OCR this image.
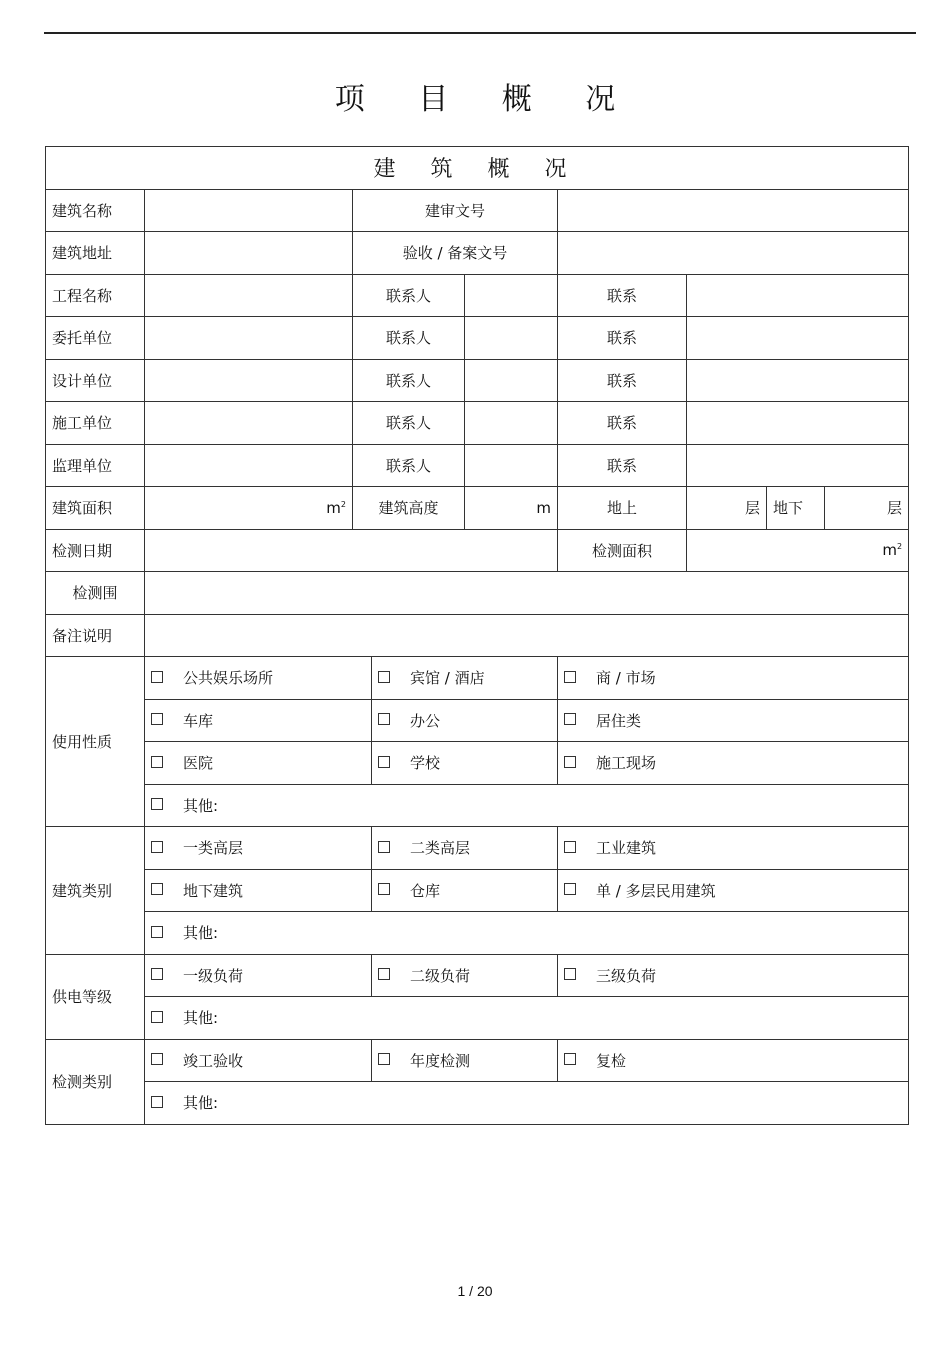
项 目 概 况
建 筑 概 况								
建筑名称		建审文号						
建筑地址		验收 / 备案文号						
工程名称		联系人			联系			
委托单位		联系人			联系			
设计单位		联系人			联系			
施工单位		联系人			联系			
监理单位		联系人			联系			
建筑面积	$m^2$	建筑高度		m	地上	层	地下	层
检测日期					检测面积	$m^2$
检测围								
备注说明								
使用性质	公共娱乐场所		宾馆 / 酒店		商 / 市场			
	车库		办公		居住类			
	医院		学校		施工现场			
	其他:							
建筑类别	一类高层		二类高层		工业建筑			
	地下建筑		仓库		单 / 多层民用建筑			
	其他:							
供电等级	一级负荷		二级负荷		三级负荷			
	其他:							
检测类别	竣工验收		年度检测		复检			
	其他:							
1 / 20
